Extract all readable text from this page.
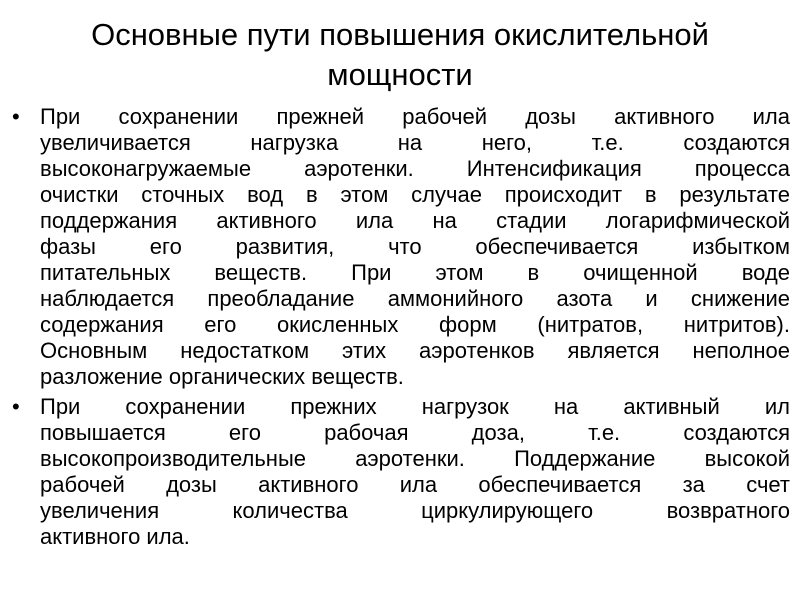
Основные пути повышения окислительной
мощности
• При сохранении прежней рабочей дозы активного ила
увеличивается нагрузка на него, т.е. создаются
высоконагружаемые аэротенки. Интенсификация процесса
очистки сточных вод в этом случае происходит в результате
поддержания активного ила на стадии логарифмической
фазы его развития, что обеспечивается избытком
питательных веществ. При этом в очищенной воде
наблюдается преобладание аммонийного азота и снижение
содержания его окисленных форм (нитратов, нитритов).
Основным недостатком этих аэротенков является неполное
разложение органических веществ.
• При сохранении прежних нагрузок на активный ил
повышается его рабочая доза, т.е. создаются
высокопроизводительные аэротенки. Поддержание высокой
рабочей дозы активного ила обеспечивается за счет
увеличения количества циркулирующего возвратного
активного ила.
